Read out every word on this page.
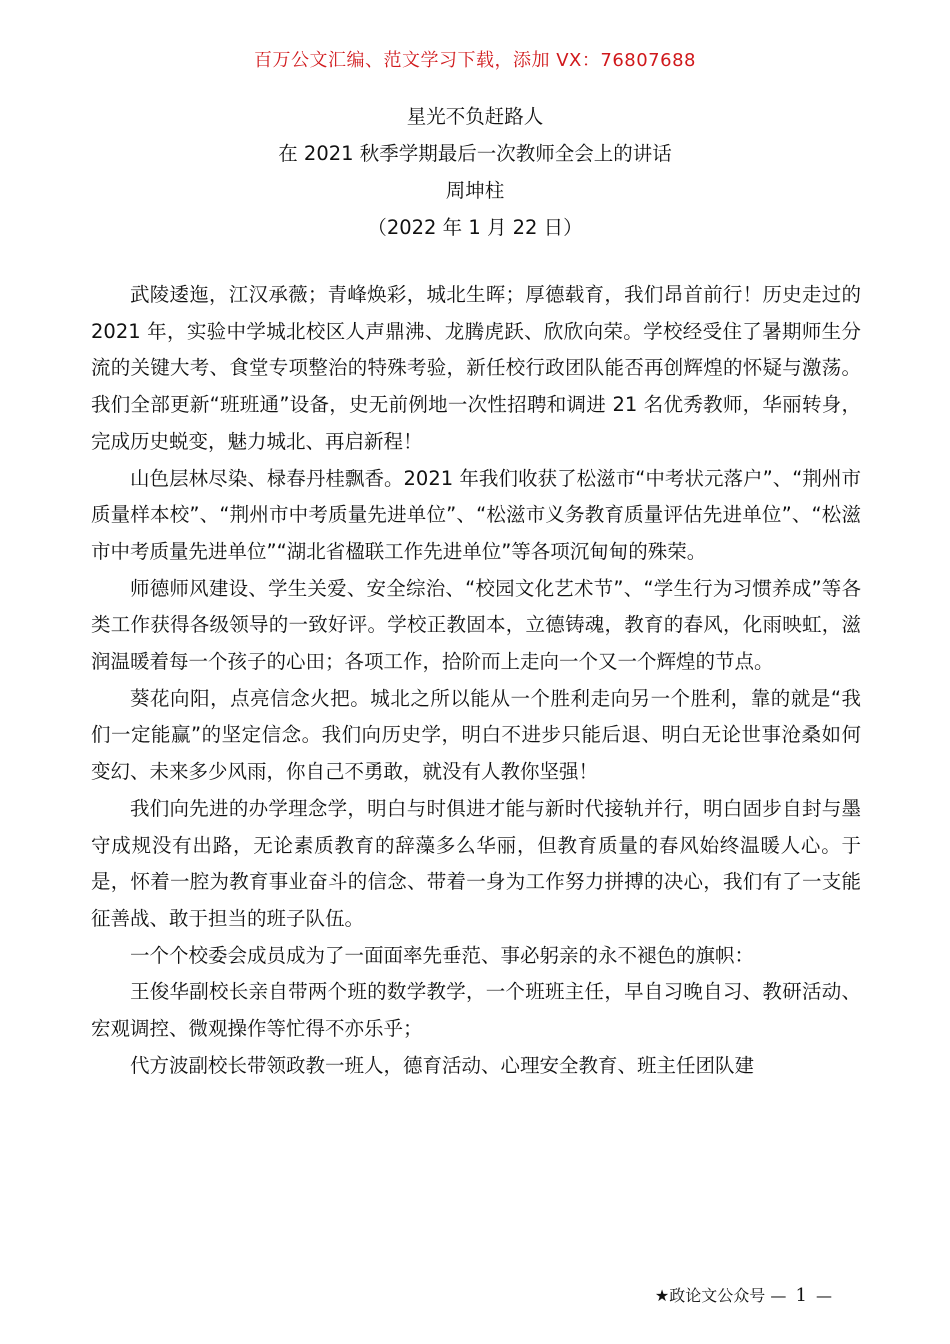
百万公文汇编、范文学习下载，添加 VX：76807688
星光不负赶路人
在 2021 秋季学期最后一次教师全会上的讲话
周坤柱
（2022 年 1 月 22 日）

武陵逶迤，江汉承薇；青峰焕彩，城北生晖；厚德载育，我们昂首前行！历史走过的 2021 年，实验中学城北校区人声鼎沸、龙腾虎跃、欣欣向荣。学校经受住了暑期师生分流的关键大考、食堂专项整治的特殊考验，新任校行政团队能否再创辉煌的怀疑与激荡。我们全部更新“班班通”设备，史无前例地一次性招聘和调进 21 名优秀教师，华丽转身，完成历史蜕变，魅力城北、再启新程！

山色层林尽染、椂春丹桂飘香。2021 年我们收获了松滋市“中考状元落户”、“荆州市质量样本校”、“荆州市中考质量先进单位”、“松滋市义务教育质量评估先进单位”、“松滋市中考质量先进单位”“湖北省楹联工作先进单位”等各项沉甸甸的殊荣。

师德师风建设、学生关爱、安全综治、“校园文化艺术节”、“学生行为习惯养成”等各类工作获得各级领导的一致好评。学校正教固本，立德铸魂，教育的春风，化雨映虹，滋润温暖着每一个孩子的心田；各项工作，拾阶而上走向一个又一个辉煌的节点。

葵花向阳，点亮信念火把。城北之所以能从一个胜利走向另一个胜利，靠的就是“我们一定能赢”的坚定信念。我们向历史学，明白不进步只能后退、明白无论世事沧桑如何变幻、未来多少风雨，你自己不勇敢，就没有人教你坚强！

我们向先进的办学理念学，明白与时俱进才能与新时代接轨并行，明白固步自封与墨守成规没有出路，无论素质教育的辞藻多么华丽，但教育质量的春风始终温暖人心。于是，怀着一腔为教育事业奋斗的信念、带着一身为工作努力拼搏的决心，我们有了一支能征善战、敢于担当的班子队伍。

一个个校委会成员成为了一面面率先垂范、事必躬亲的永不褪色的旗帜：

王俊华副校长亲自带两个班的数学教学，一个班班主任，早自习晚自习、教研活动、宏观调控、微观操作等忙得不亦乐乎；

代方波副校长带领政教一班人，德育活动、心理安全教育、班主任团队建

★政论文公众号 — 1 —
